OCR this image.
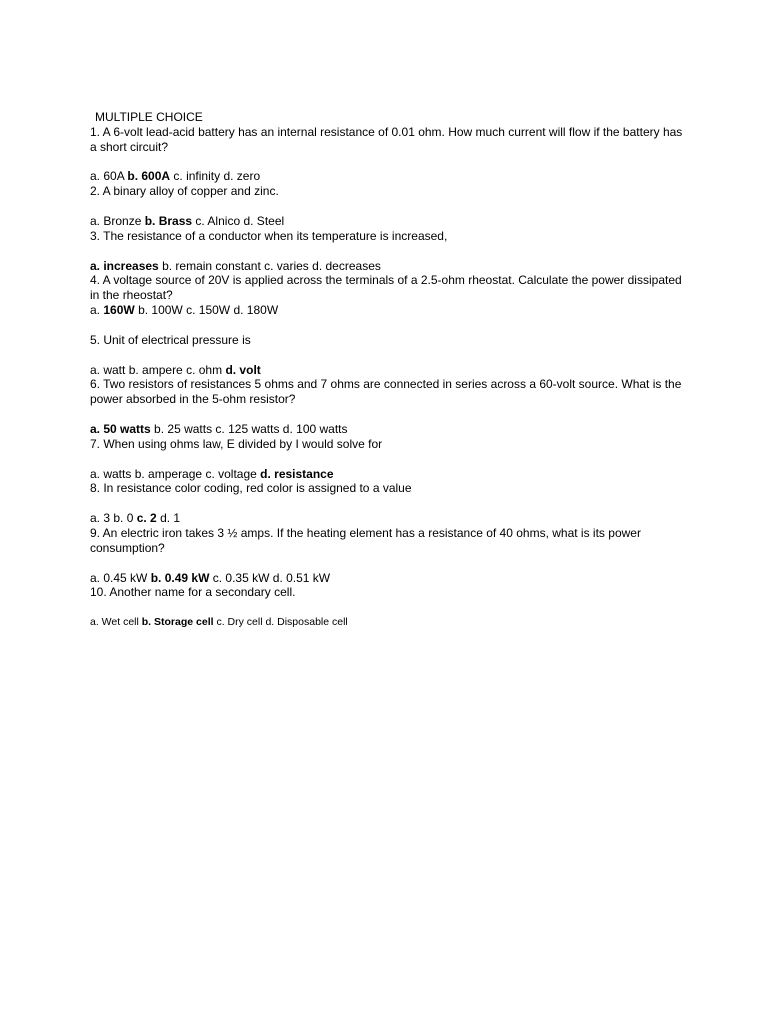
MULTIPLE CHOICE
1. A 6-volt lead-acid battery has an internal resistance of 0.01 ohm. How much current will flow if the battery has a short circuit?
a. 60A b. 600A c. infinity d. zero
2. A binary alloy of copper and zinc.
a. Bronze b. Brass c. Alnico d. Steel
3. The resistance of a conductor when its temperature is increased,
a. increases b. remain constant c. varies d. decreases
4. A voltage source of 20V is applied across the terminals of a 2.5-ohm rheostat. Calculate the power dissipated in the rheostat?
a. 160W b. 100W c. 150W d. 180W
5. Unit of electrical pressure is
a. watt b. ampere c. ohm d. volt
6. Two resistors of resistances 5 ohms and 7 ohms are connected in series across a 60-volt source. What is the power absorbed in the 5-ohm resistor?
a. 50 watts b. 25 watts c. 125 watts d. 100 watts
7. When using ohms law, E divided by I would solve for
a. watts b. amperage c. voltage d. resistance
8. In resistance color coding, red color is assigned to a value
a. 3 b. 0 c. 2 d. 1
9. An electric iron takes 3 ½ amps. If the heating element has a resistance of 40 ohms, what is its power consumption?
a. 0.45 kW b. 0.49 kW c. 0.35 kW d. 0.51 kW
10. Another name for a secondary cell.
a. Wet cell b. Storage cell c. Dry cell d. Disposable cell
